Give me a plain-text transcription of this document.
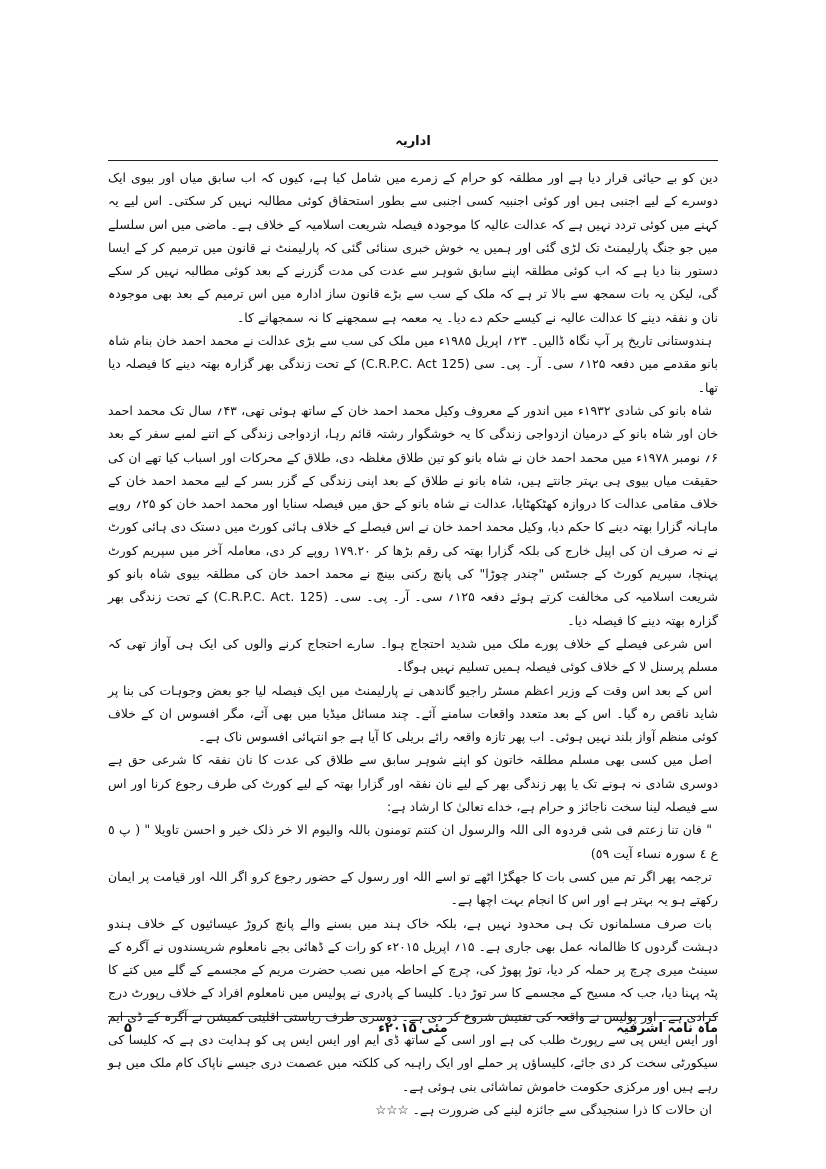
اداریہ

دین کو بے حیائی قرار دیا ہے اور مطلقہ کو حرام کے زمرے میں شامل کیا ہے، کیوں کہ اب سابق میاں اور بیوی ایک دوسرے کے لیے اجنبی ہیں اور کوئی اجنبیہ کسی اجنبی سے بطور استحقاق کوئی مطالبہ نہیں کر سکتی۔ اس لیے یہ کہنے میں کوئی تردد نہیں ہے کہ عدالت عالیہ کا موجودہ فیصلہ شریعت اسلامیہ کے خلاف ہے۔ ماضی میں اس سلسلے میں جو جنگ پارلیمنٹ تک لڑی گئی اور ہمیں یہ خوش خبری سنائی گئی کہ پارلیمنٹ نے قانون میں ترمیم کر کے ایسا دستور بنا دیا ہے کہ اب کوئی مطلقہ اپنے سابق شوہر سے عدت کی مدت گزرنے کے بعد کوئی مطالبہ نہیں کر سکے گی، لیکن یہ بات سمجھ سے بالا تر ہے کہ ملک کے سب سے بڑے قانون ساز ادارہ میں اس ترمیم کے بعد بھی موجودہ نان و نفقہ دینے کا عدالت عالیہ نے کیسے حکم دے دیا۔ یہ معمہ ہے سمجھنے کا نہ سمجھانے کا۔

ہندوستانی تاریخ پر آپ نگاہ ڈالیں۔ ۲۳؍ اپریل ۱۹۸۵ء میں ملک کی سب سے بڑی عدالت نے محمد احمد خان بنام شاہ بانو مقدمے میں دفعہ ۱۲۵؍ سی۔ آر۔ پی۔ سی (C.R.P.C. Act 125) کے تحت زندگی بھر گزارہ بھتہ دینے کا فیصلہ دیا تھا۔

شاہ بانو کی شادی ۱۹۳۲ء میں اندور کے معروف وکیل محمد احمد خان کے ساتھ ہوئی تھی، ۴۳؍ سال تک محمد احمد خان اور شاہ بانو کے درمیان ازدواجی زندگی کا یہ خوشگوار رشتہ قائم رہا، ازدواجی زندگی کے اتنے لمبے سفر کے بعد ۶؍ نومبر ۱۹۷۸ء میں محمد احمد خان نے شاہ بانو کو تین طلاق مغلظہ دی، طلاق کے محرکات اور اسباب کیا تھے ان کی حقیقت میاں بیوی ہی بہتر جانتے ہیں، شاہ بانو نے طلاق کے بعد اپنی زندگی کے گزر بسر کے لیے محمد احمد خان کے خلاف مقامی عدالت کا دروازہ کھٹکھٹایا، عدالت نے شاہ بانو کے حق میں فیصلہ سنایا اور محمد احمد خان کو ۲۵؍ روپے ماہانہ گزارا بھتہ دینے کا حکم دیا، وکیل محمد احمد خان نے اس فیصلے کے خلاف ہائی کورٹ میں دستک دی ہائی کورٹ نے نہ صرف ان کی اپیل خارج کی بلکہ گزارا بھتہ کی رقم بڑھا کر ۱۷۹.۲۰ روپے کر دی، معاملہ آخر میں سپریم کورٹ پہنچا، سپریم کورٹ کے جسٹس "چندر چوڑا" کی پانچ رکنی بینچ نے محمد احمد خان کی مطلقہ بیوی شاہ بانو کو شریعت اسلامیہ کی مخالفت کرتے ہوئے دفعہ ۱۲۵؍ سی۔ آر۔ پی۔ سی۔ (C.R.P.C. Act. 125) کے تحت زندگی بھر گزارہ بھتہ دینے کا فیصلہ دیا۔

اس شرعی فیصلے کے خلاف پورے ملک میں شدید احتجاج ہوا۔ سارے احتجاج کرنے والوں کی ایک ہی آواز تھی کہ مسلم پرسنل لا کے خلاف کوئی فیصلہ ہمیں تسلیم نہیں ہوگا۔

اس کے بعد اس وقت کے وزیر اعظم مسٹر راجیو گاندھی نے پارلیمنٹ میں ایک فیصلہ لیا جو بعض وجوہات کی بنا پر شاید ناقص رہ گیا۔ اس کے بعد متعدد واقعات سامنے آئے۔ چند مسائل میڈیا میں بھی آئے، مگر افسوس ان کے خلاف کوئی منظم آواز بلند نہیں ہوئی۔ اب پھر تازہ واقعہ رائے بریلی کا آیا ہے جو انتہائی افسوس ناک ہے۔

اصل میں کسی بھی مسلم مطلقہ خاتون کو اپنے شوہر سابق سے طلاق کی عدت کا نان نفقہ کا شرعی حق ہے دوسری شادی نہ ہونے تک یا پھر زندگی بھر کے لیے نان نفقہ اور گزارا بھتہ کے لیے کورٹ کی طرف رجوع کرنا اور اس سے فیصلہ لینا سخت ناجائز و حرام ہے، خداے تعالیٰ کا ارشاد ہے:

" فان تنا زعتم فی شی فردوہ الی اللہ والرسول ان کنتم تومنون باللہ والیوم الا خر ذلک خیر و احسن تاویلا " ( پ ٥ ع ٤ سورہ نساء آیت ٥٩)

ترجمہ پھر اگر تم میں کسی بات کا جھگڑا اٹھے تو اسے اللہ اور رسول کے حضور رجوع کرو اگر اللہ اور قیامت پر ایمان رکھتے ہو یہ بہتر ہے اور اس کا انجام بہت اچھا ہے۔

بات صرف مسلمانوں تک ہی محدود نہیں ہے، بلکہ خاک ہند میں بسنے والے پانچ کروڑ عیسائیوں کے خلاف ہندو دہشت گردوں کا ظالمانہ عمل بھی جاری ہے۔ ۱۵؍ اپریل ۲۰۱۵ء کو رات کے ڈھائی بجے نامعلوم شرپسندوں نے آگرہ کے سینٹ میری چرچ پر حملہ کر دیا، توڑ پھوڑ کی، چرچ کے احاطہ میں نصب حضرت مریم کے مجسمے کے گلے میں کتے کا پٹہ پہنا دیا، جب کہ مسیح کے مجسمے کا سر توڑ دیا۔ کلیسا کے پادری نے پولیس میں نامعلوم افراد کے خلاف رپورٹ درج کرادی ہے۔ اور پولیس نے واقعہ کی تفتیش شروع کر دی ہے۔ دوسری طرف ریاستی اقلیتی کمیشن نے آگرہ کے ڈی ایم اور ایس ایس پی سے رپورٹ طلب کی ہے اور اسی کے ساتھ ڈی ایم اور ایس ایس پی کو ہدایت دی ہے کہ کلیسا کی سیکورٹی سخت کر دی جائے، کلیساؤں پر حملے اور ایک راہبہ کی کلکتہ میں عصمت دری جیسے ناپاک کام ملک میں ہو رہے ہیں اور مرکزی حکومت خاموش تماشائی بنی ہوئی ہے۔

ان حالات کا ذرا سنجیدگی سے جائزہ لینے کی ضرورت ہے۔ ☆☆☆

۵	مئی ۲۰۱۵ء	ماہ نامہ اشرفیہ
